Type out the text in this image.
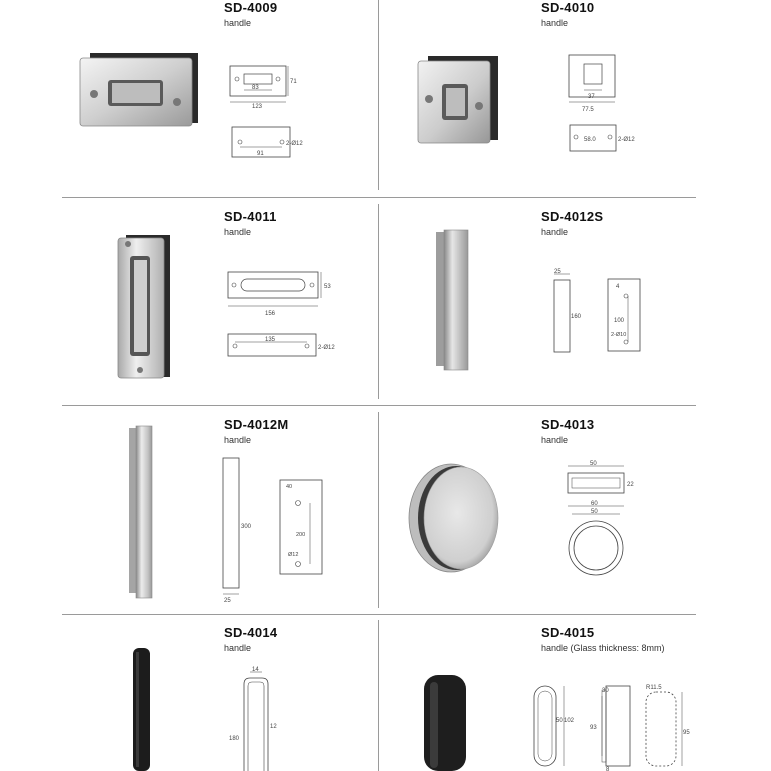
SD-4009
handle
83
123
71
91
2-Ø12
SD-4010
handle
37
77.5
58.0	2-Ø12
SD-4011
handle
156
53
135
2-Ø12
SD-4012S
handle
25
160
4
100
2-Ø10
SD-4012M
handle
300
25
40
200
Ø12
SD-4013
handle
50
22
60
50
SD-4014
handle
14
12
180
SD-4015
handle (Glass thickness: 8mm)
50 102
30
93
8
R11.5
95
